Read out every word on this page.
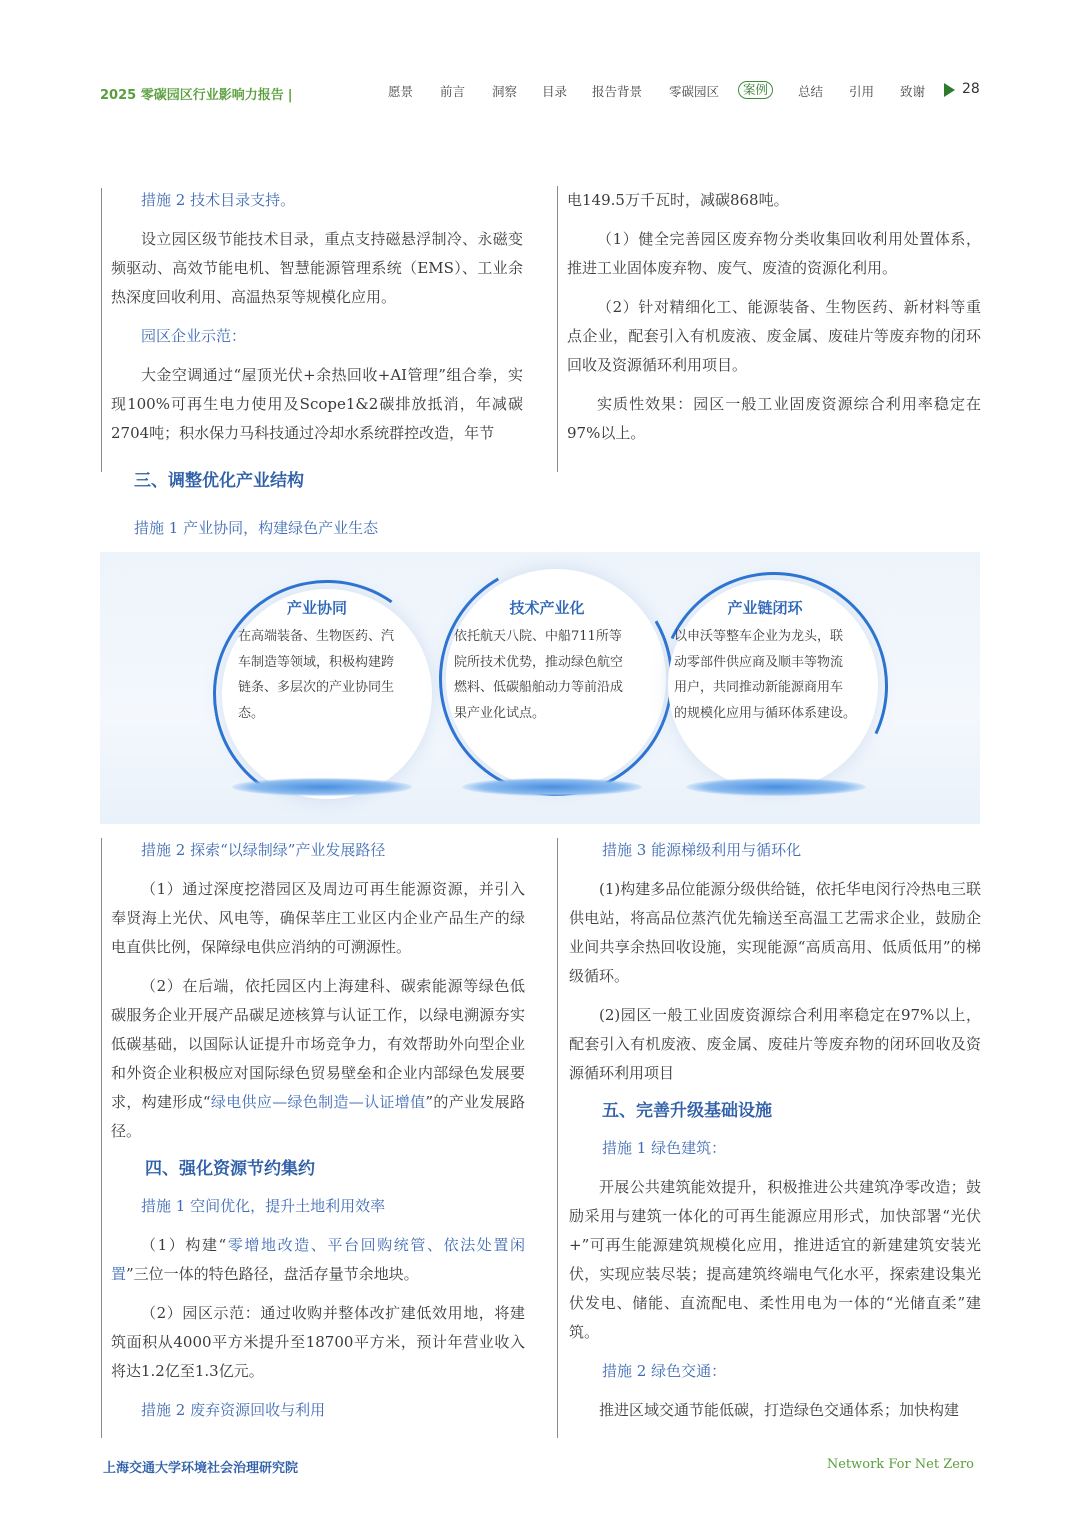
2025 零碳园区行业影响力报告 |	愿景 前言 洞察 目录 报告背景 零碳园区	案例	总结 引用 致谢	28
措施 2 技术目录支持。

设立园区级节能技术目录，重点支持磁悬浮制冷、永磁变频驱动、高效节能电机、智慧能源管理系统（EMS）、工业余热深度回收利用、高温热泵等规模化应用。

园区企业示范：

大金空调通过“屋顶光伏+余热回收+AI管理”组合拳，实现100%可再生电力使用及Scope1&2碳排放抵消，年减碳2704吨；积水保力马科技通过冷却水系统群控改造，年节

电149.5万千瓦时，减碳868吨。

（1）健全完善园区废弃物分类收集回收利用处置体系，推进工业固体废弃物、废气、废渣的资源化利用。

（2）针对精细化工、能源装备、生物医药、新材料等重点企业，配套引入有机废液、废金属、废硅片等废弃物的闭环回收及资源循环利用项目。

实质性效果：园区一般工业固废资源综合利用率稳定在97%以上。

三、调整优化产业结构
措施 1 产业协同，构建绿色产业生态
产业协同
在高端装备、生物医药、汽
车制造等领域，积极构建跨
链条、多层次的产业协同生
态。
技术产业化
依托航天八院、中船711所等
院所技术优势，推动绿色航空
燃料、低碳船舶动力等前沿成
果产业化试点。
产业链闭环
以申沃等整车企业为龙头，联
动零部件供应商及顺丰等物流
用户，共同推动新能源商用车
的规模化应用与循环体系建设。
措施 2 探索“以绿制绿”产业发展路径

（1）通过深度挖潜园区及周边可再生能源资源，并引入奉贤海上光伏、风电等，确保莘庄工业区内企业产品生产的绿电直供比例，保障绿电供应消纳的可溯源性。

（2）在后端，依托园区内上海建科、碳索能源等绿色低碳服务企业开展产品碳足迹核算与认证工作，以绿电溯源夯实低碳基础，以国际认证提升市场竞争力，有效帮助外向型企业和外资企业积极应对国际绿色贸易壁垒和企业内部绿色发展要求，构建形成“绿电供应—绿色制造—认证增值”的产业发展路径。

四、强化资源节约集约
措施 1 空间优化，提升土地利用效率

（1）构建“零增地改造、平台回购统管、依法处置闲置”三位一体的特色路径，盘活存量节余地块。

（2）园区示范：通过收购并整体改扩建低效用地，将建筑面积从4000平方米提升至18700平方米，预计年营业收入将达1.2亿至1.3亿元。

措施 2 废弃资源回收与利用
措施 3 能源梯级利用与循环化

(1)构建多品位能源分级供给链，依托华电闵行冷热电三联供电站，将高品位蒸汽优先输送至高温工艺需求企业，鼓励企业间共享余热回收设施，实现能源“高质高用、低质低用”的梯级循环。

(2)园区一般工业固废资源综合利用率稳定在97%以上，配套引入有机废液、废金属、废硅片等废弃物的闭环回收及资源循环利用项目

五、完善升级基础设施
措施 1 绿色建筑：

开展公共建筑能效提升，积极推进公共建筑净零改造；鼓励采用与建筑一体化的可再生能源应用形式，加快部署“光伏+”可再生能源建筑规模化应用，推进适宜的新建建筑安装光伏，实现应装尽装；提高建筑终端电气化水平，探索建设集光伏发电、储能、直流配电、柔性用电为一体的“光储直柔”建筑。

措施 2 绿色交通：

推进区域交通节能低碳，打造绿色交通体系；加快构建

上海交通大学环境社会治理研究院	Network For Net Zero
